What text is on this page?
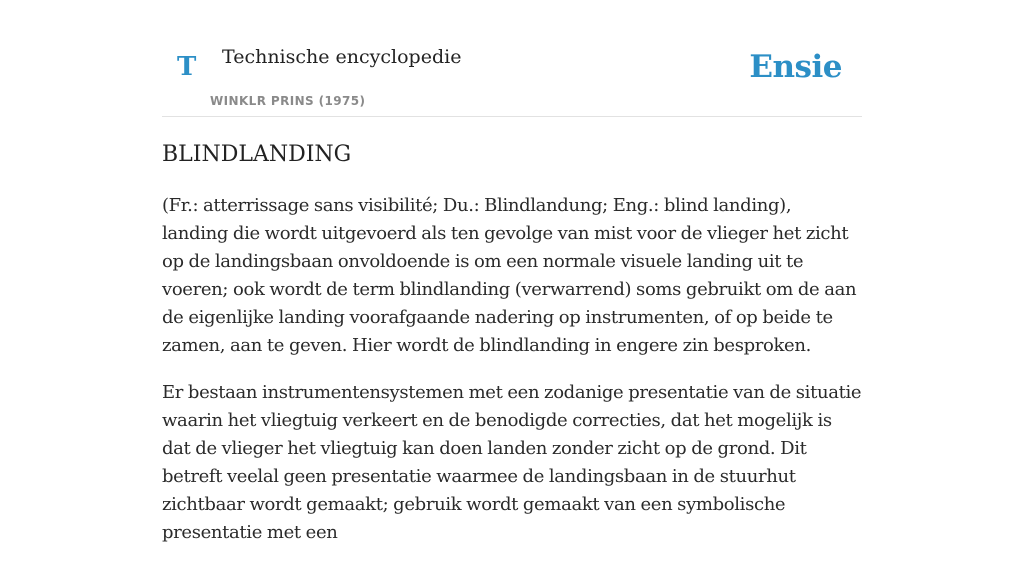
T Technische encyclopedie
WINKLR PRINS (1975)
Ensie
BLINDLANDING

(Fr.: atterrissage sans visibilité; Du.: Blindlandung; Eng.: blind landing), landing die wordt uitgevoerd als ten gevolge van mist voor de vlieger het zicht op de landingsbaan onvoldoende is om een normale visuele landing uit te voeren; ook wordt de term blindlanding (verwarrend) soms gebruikt om de aan de eigenlijke landing voorafgaande nadering op instrumenten, of op beide te zamen, aan te geven. Hier wordt de blindlanding in engere zin besproken.

Er bestaan instrumentensystemen met een zodanige presentatie van de situatie waarin het vliegtuig verkeert en de benodigde correcties, dat het mogelijk is dat de vlieger het vliegtuig kan doen landen zonder zicht op de grond. Dit betreft veelal geen presentatie waarmee de landingsbaan in de stuurhut zichtbaar wordt gemaakt; gebruik wordt gemaakt van een symbolische presentatie met een
